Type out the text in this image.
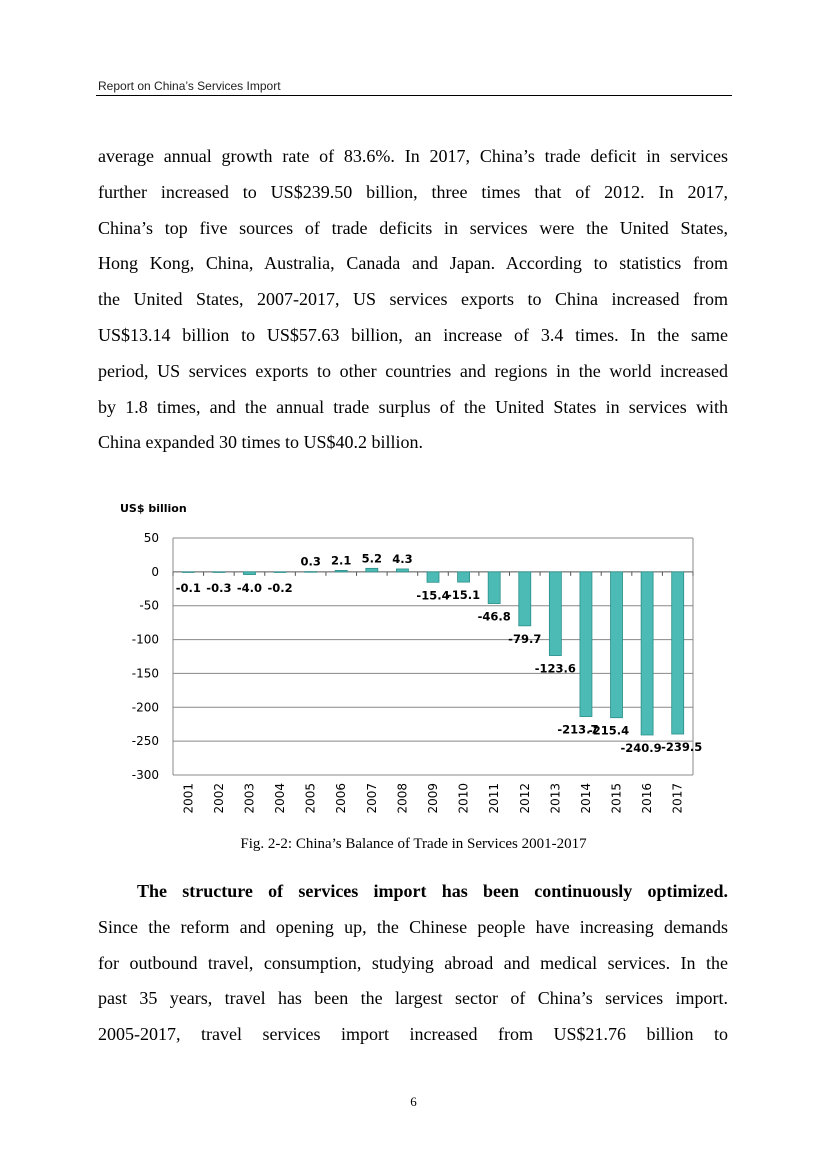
Report on China’s Services Import
average annual growth rate of 83.6%. In 2017, China’s trade deficit in services
further increased to US$239.50 billion, three times that of 2012. In 2017,
China’s top five sources of trade deficits in services were the United States,
Hong Kong, China, Australia, Canada and Japan. According to statistics from
the United States, 2007-2017, US services exports to China increased from
US$13.14 billion to US$57.63 billion, an increase of 3.4 times. In the same
period, US services exports to other countries and regions in the world increased
by 1.8 times, and the annual trade surplus of the United States in services with
China expanded 30 times to US$40.2 billion.
US$ billion
50
0
-50
-100
-150
-200
-250
-300
-0.1
2001
-0.3
2002
-4.0
2003
-0.2
2004
0.3
2005
2.1
2006
5.2
2007
4.3
2008
-15.4
2009
-15.1
2010
-46.8
2011
-79.7
2012
-123.6
2013
-213.7
2014
-215.4
2015
-240.9
2016
-239.5
2017
Fig. 2-2: China’s Balance of Trade in Services 2001-2017
The structure of services import has been continuously optimized.
Since the reform and opening up, the Chinese people have increasing demands
for outbound travel, consumption, studying abroad and medical services. In the
past 35 years, travel has been the largest sector of China’s services import.
2005-2017, travel services import increased from US$21.76 billion to
6
